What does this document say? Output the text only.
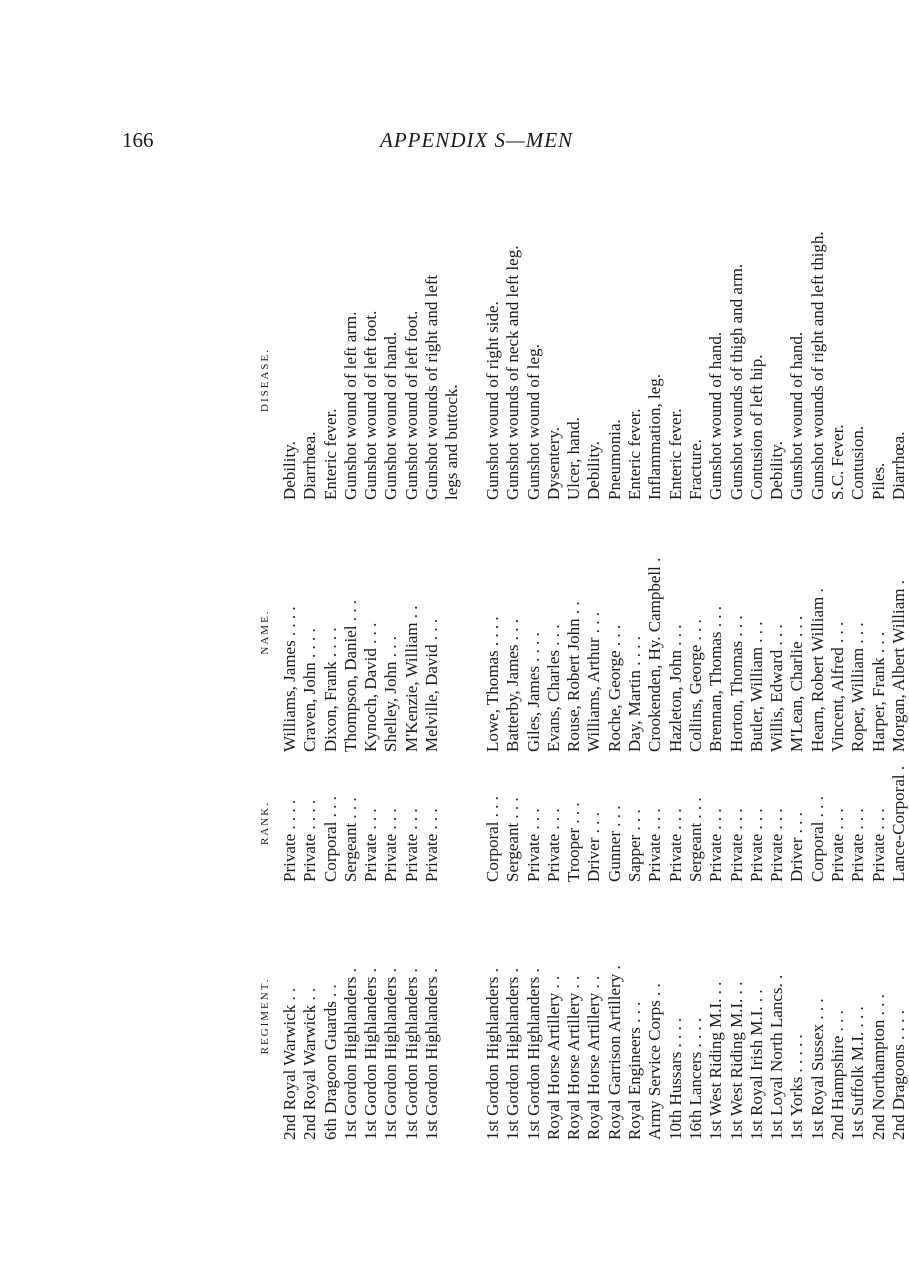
166	APPENDIX S—MEN
REGIMENT. 2nd Royal Warwick . . 2nd Royal Warwick . . 6th Dragoon Guards . . 1st Gordon Highlanders . 1st Gordon Highlanders . 1st Gordon Highlanders . 1st Gordon Highlanders . 1st Gordon Highlanders . 1st Gordon Highlanders . 1st Gordon Highlanders . 1st Gordon Highlanders . Royal Horse Artillery . . Royal Horse Artillery . . Royal Horse Artillery . . Royal Garrison Artillery . Royal Engineers . . . Army Service Corps . . 10th Hussars . . . . 16th Lancers . . . . 1st West Riding M.I. . . 1st West Riding M.I. . . 1st Royal Irish M.I. . . 1st Loyal North Lancs. . 1st Yorks . . . . . 1st Royal Sussex . . . 2nd Hampshire . . . 1st Suffolk M.I. . . . 2nd Northampton . . . 2nd Dragoons . . . .
RANK. Private . . . . Private . . . . Corporal . . . Sergeant . . . Private . . . Private . . . Private . . . Private . . . Corporal . . . Sergeant . . . Private . . . Private . . . Trooper . . . Driver . . . Gunner . . . Sapper . . . Private . . . Private . . . Sergeant . . . Private . . . Private . . . Private . . . Private . . . Driver . . . Corporal . . . Private . . . Private . . . Private . . . Lance-Corporal .
NAME. Williams, James . . . . Craven, John . . . . Dixon, Frank . . . . Thompson, Daniel . . . Kynoch, David . . . Shelley, John . . . M'Kenzie, William . . Melville, David . . . Lowe, Thomas . . . . Batterby, James . . . Giles, James . . . . Evans, Charles . . . Rouse, Robert John . . Williams, Arthur . . . Roche, George . . . Day, Martin . . . . Crookenden, Hy. Campbell . Hazleton, John . . . Collins, George . . . Brennan, Thomas . . . Horton, Thomas . . . Butler, William . . . Willis, Edward . . . M'Lean, Charlie . . . Hearn, Robert William . Vincent, Alfred . . . Roper, William . . . Harper, Frank . . . Morgan, Albert William .
DISEASE.
Debility. Diarrhœa. Enteric fever. Gunshot wound of left arm. Gunshot wound of left foot. Gunshot wound of hand. Gunshot wound of left foot. Gunshot wounds of right and left legs and buttock. Gunshot wound of right side. Gunshot wounds of neck and left leg. Gunshot wound of leg. Dysentery. Ulcer, hand. Debility. Pneumonia. Enteric fever. Inflammation, leg. Enteric fever. Fracture. Gunshot wound of hand. Gunshot wounds of thigh and arm. Contusion of left hip. Debility. Gunshot wound of hand. Gunshot wounds of right and left thigh. S.C. Fever. Contusion. Piles. Diarrhœa.
